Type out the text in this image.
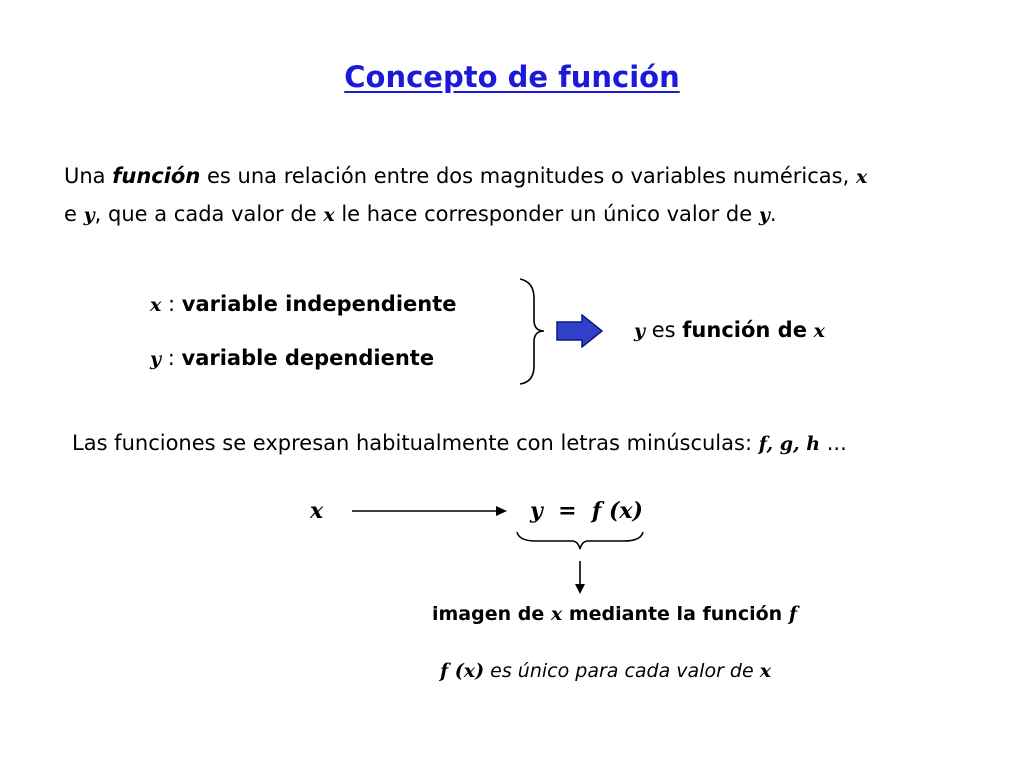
Concepto de función
Una función es una relación entre dos magnitudes o variables numéricas, x
e y, que a cada valor de x le hace corresponder un único valor de y.
x : variable independiente
y : variable dependiente
y es función de x
Las funciones se expresan habitualmente con letras minúsculas: f, g, h ...
x	y  =  f (x)
imagen de x mediante la función f
f (x) es único para cada valor de x
